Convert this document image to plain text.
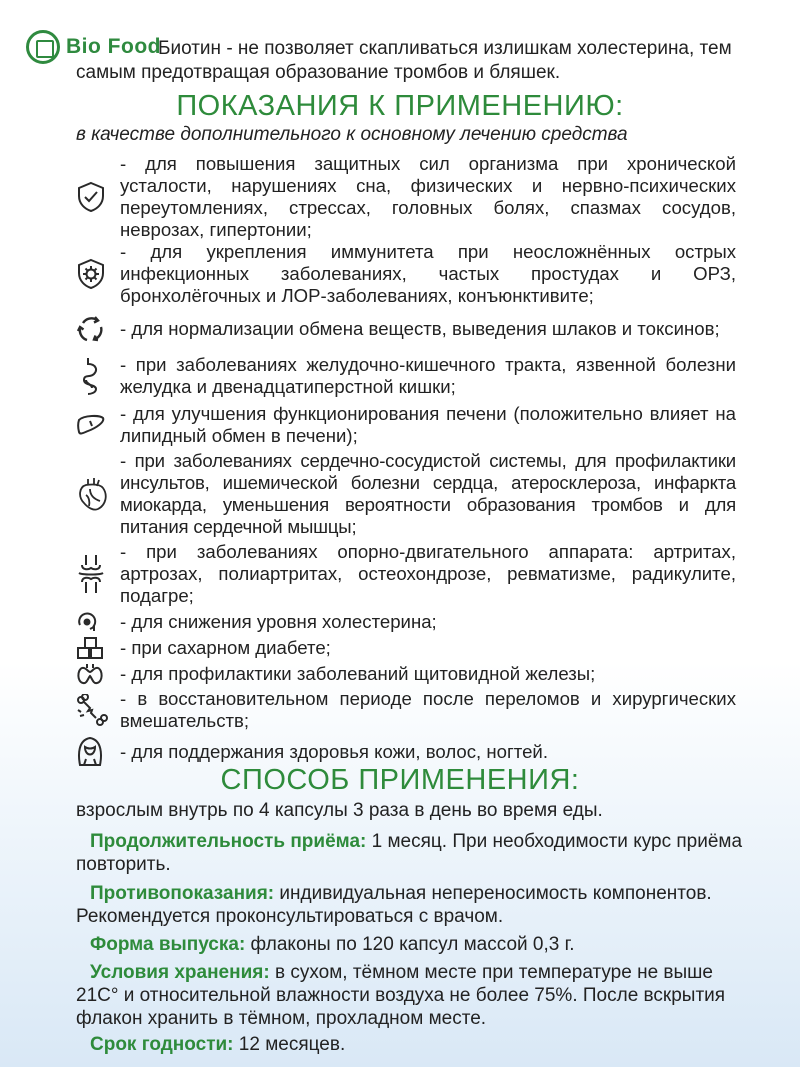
Bio Food
Биотин - не позволяет скапливаться излишкам холестерина, тем самым предотвращая образование тромбов и бляшек.
ПОКАЗАНИЯ К ПРИМЕНЕНИЮ:
в качестве дополнительного к основному лечению средства
- для повышения защитных сил организма при хронической усталости, нарушениях сна, физических и нервно-психических переутомлениях, стрессах, головных болях, спазмах сосудов, неврозах, гипертонии;
- для укрепления иммунитета при неосложнённых острых инфекционных заболеваниях, частых простудах и ОРЗ, бронхолёгочных и ЛОР-заболеваниях, конъюнктивите;
- для нормализации обмена веществ, выведения шлаков и токсинов;
- при заболеваниях желудочно-кишечного тракта, язвенной болезни желудка и двенадцатиперстной кишки;
- для улучшения функционирования печени (положительно влияет на липидный обмен в печени);
- при заболеваниях сердечно-сосудистой системы, для профилактики инсультов, ишемической болезни сердца, атеросклероза, инфаркта миокарда, уменьшения вероятности образования тромбов и для питания сердечной мышцы;
- при заболеваниях опорно-двигательного аппарата: артритах, артрозах, полиартритах, остеохондрозе, ревматизме, радикулите, подагре;
- для снижения уровня холестерина;
- при сахарном диабете;
- для профилактики заболеваний щитовидной железы;
- в восстановительном периоде после переломов и хирургических вмешательств;
- для поддержания здоровья кожи, волос, ногтей.
СПОСОБ ПРИМЕНЕНИЯ:
взрослым внутрь по 4 капсулы 3 раза в день во время еды.
Продолжительность приёма: 1 месяц. При необходимости курс приёма повторить.
Противопоказания: индивидуальная непереносимость компонентов. Рекомендуется проконсультироваться с врачом.
Форма выпуска: флаконы по 120 капсул массой 0,3 г.
Условия хранения: в сухом, тёмном месте при температуре не выше 21С° и относительной влажности воздуха не более 75%. После вскрытия флакон хранить в тёмном, прохладном месте.
Срок годности: 12 месяцев.
